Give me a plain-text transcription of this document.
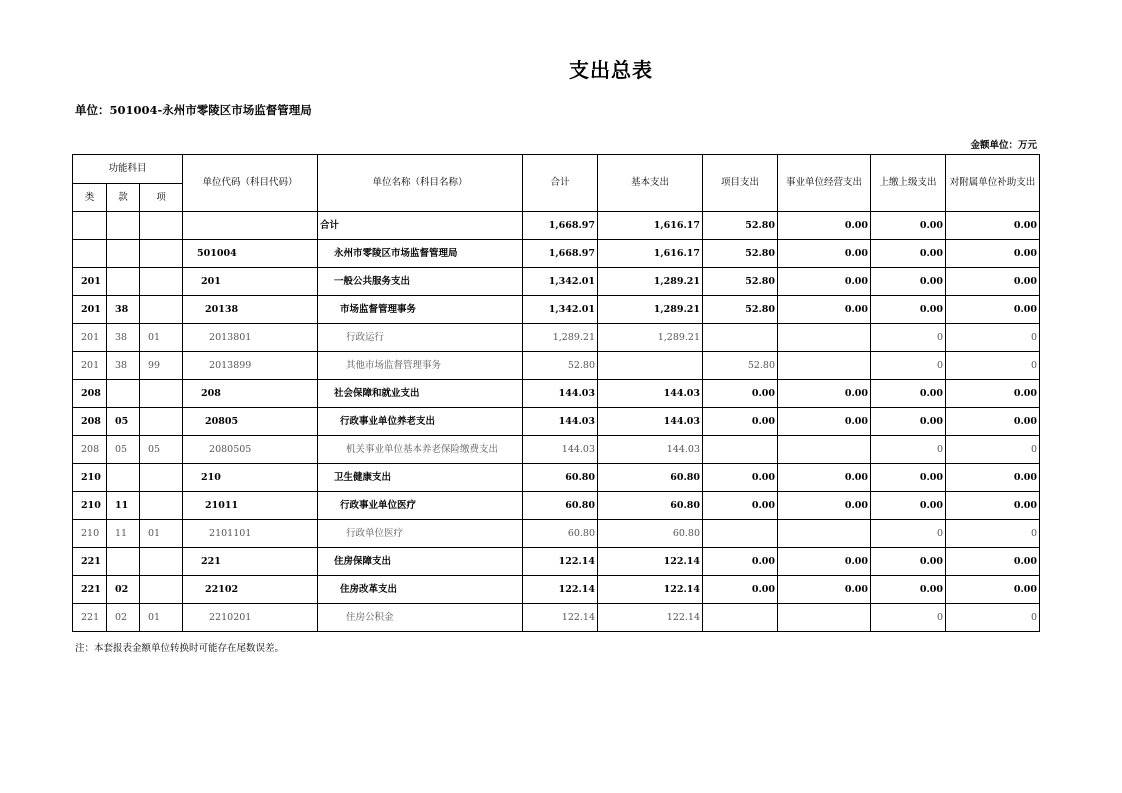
支出总表
单位：501004-永州市零陵区市场监督管理局
金额单位：万元
功能科目			单位代码（科目代码）	单位名称（科目名称）	合计	基本支出	项目支出	事业单位经营支出	上缴上级支出	对附属单位补助支出
类	款	项								
				合计	1,668.97	1,616.17	52.80	0.00	0.00	0.00
			501004	永州市零陵区市场监督管理局	1,668.97	1,616.17	52.80	0.00	0.00	0.00
201			201	一般公共服务支出	1,342.01	1,289.21	52.80	0.00	0.00	0.00
201	38		20138	市场监督管理事务	1,342.01	1,289.21	52.80	0.00	0.00	0.00
201	38	01	2013801	行政运行	1,289.21	1,289.21			0	0
201	38	99	2013899	其他市场监督管理事务	52.80		52.80		0	0
208			208	社会保障和就业支出	144.03	144.03	0.00	0.00	0.00	0.00
208	05		20805	行政事业单位养老支出	144.03	144.03	0.00	0.00	0.00	0.00
208	05	05	2080505	机关事业单位基本养老保险缴费支出	144.03	144.03			0	0
210			210	卫生健康支出	60.80	60.80	0.00	0.00	0.00	0.00
210	11		21011	行政事业单位医疗	60.80	60.80	0.00	0.00	0.00	0.00
210	11	01	2101101	行政单位医疗	60.80	60.80			0	0
221			221	住房保障支出	122.14	122.14	0.00	0.00	0.00	0.00
221	02		22102	住房改革支出	122.14	122.14	0.00	0.00	0.00	0.00
221	02	01	2210201	住房公积金	122.14	122.14			0	0
注：本套报表金额单位转换时可能存在尾数误差。
